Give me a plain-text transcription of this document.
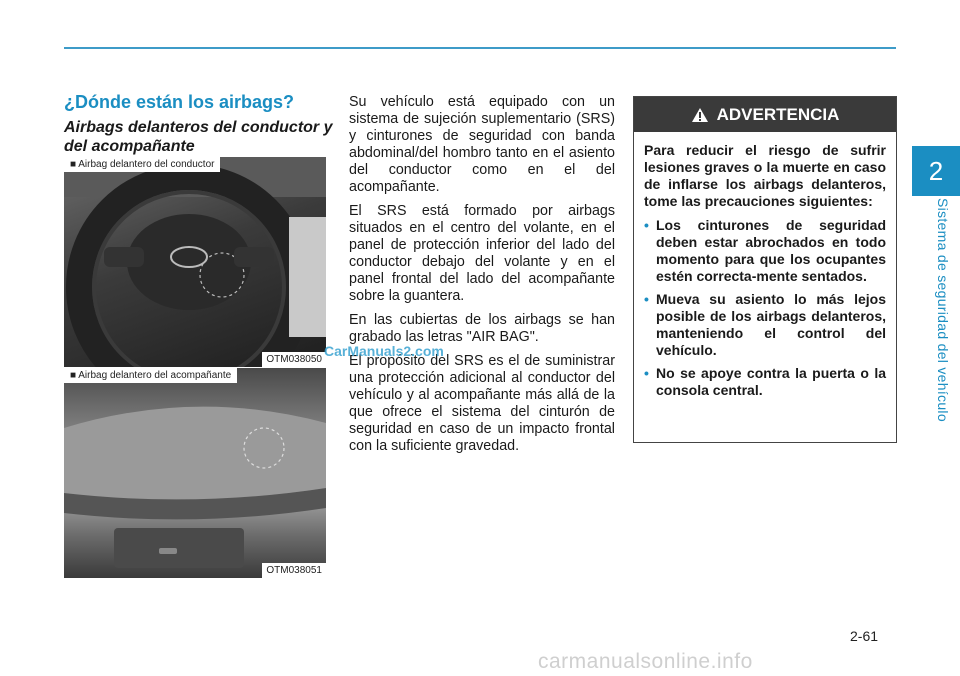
2
Sistema de seguridad del vehículo
¿Dónde están los airbags?
Airbags delanteros del conductor y del acompañante
■ Airbag delantero del conductor
OTM038050
■ Airbag delantero del acompañante
OTM038051

Su vehículo está equipado con un sistema de sujeción suplementario (SRS) y cinturones de seguridad con banda abdominal/del hombro tanto en el asiento del conductor como en el del acompañante.

El SRS está formado por airbags situados en el centro del volante, en el panel de protección inferior del lado del conductor debajo del volante y en el panel frontal del lado del acompañante sobre la guantera.

En las cubiertas de los airbags se han grabado las letras "AIR BAG".

El propósito del SRS es el de suministrar una protección adicional al conductor del vehículo y al acompañante más allá de la que ofrece el sistema del cinturón de seguridad en caso de un impacto frontal con la suficiente gravedad.

ADVERTENCIA

Para reducir el riesgo de sufrir lesiones graves o la muerte en caso de inflarse los airbags delanteros, tome las precauciones siguientes:

• Los cinturones de seguridad deben estar abrochados en todo momento para que los ocupantes estén correcta-mente sentados.
• Mueva su asiento lo más lejos posible de los airbags delanteros, manteniendo el control del vehículo.
• No se apoye contra la puerta o la consola central.
CarManuals2.com
2-61
carmanualsonline.info
